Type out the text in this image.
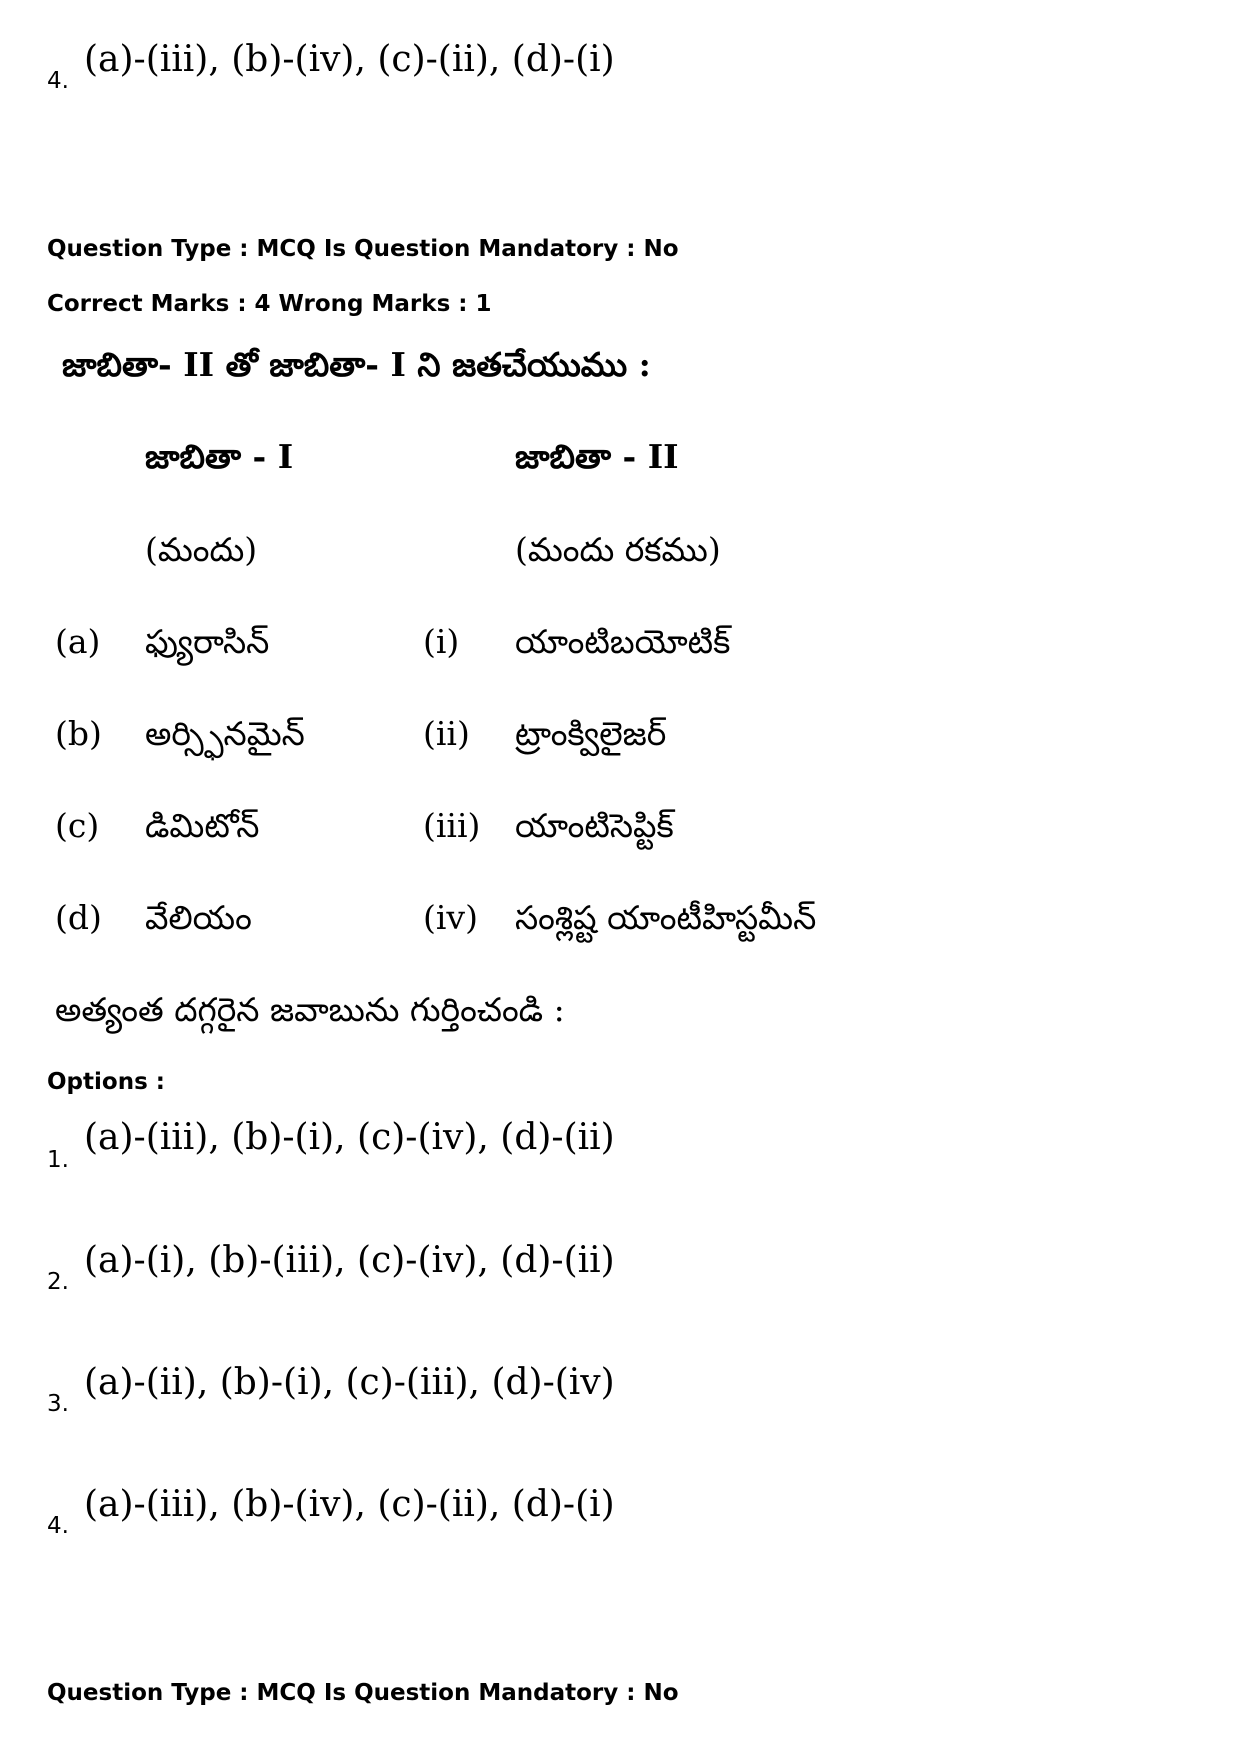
4.
(a)-(iii), (b)-(iv), (c)-(ii), (d)-(i)
Question Type : MCQ Is Question Mandatory : No
Correct Marks : 4 Wrong Marks : 1
జాబితా- II తో జాబితా- I ని జతచేయుము :
జాబితా - I	జాబితా - II
(మందు)	(మందు రకము)
(a) ఫ్యురాసిన్	(i) యాంటిబయోటిక్
(b) అర్స్ఫినమైన్	(ii) ట్రాంక్విలైజర్
(c) డిమిటోన్	(iii) యాంటిసెప్టిక్
(d) వేలియం	(iv) సంశ్లిష్ట యాంటీహిస్టమీన్
అత్యంత దగ్గరైన జవాబును గుర్తించండి :
Options :
1.
(a)-(iii), (b)-(i), (c)-(iv), (d)-(ii)
2.
(a)-(i), (b)-(iii), (c)-(iv), (d)-(ii)
3.
(a)-(ii), (b)-(i), (c)-(iii), (d)-(iv)
4.
(a)-(iii), (b)-(iv), (c)-(ii), (d)-(i)
Question Type : MCQ Is Question Mandatory : No
